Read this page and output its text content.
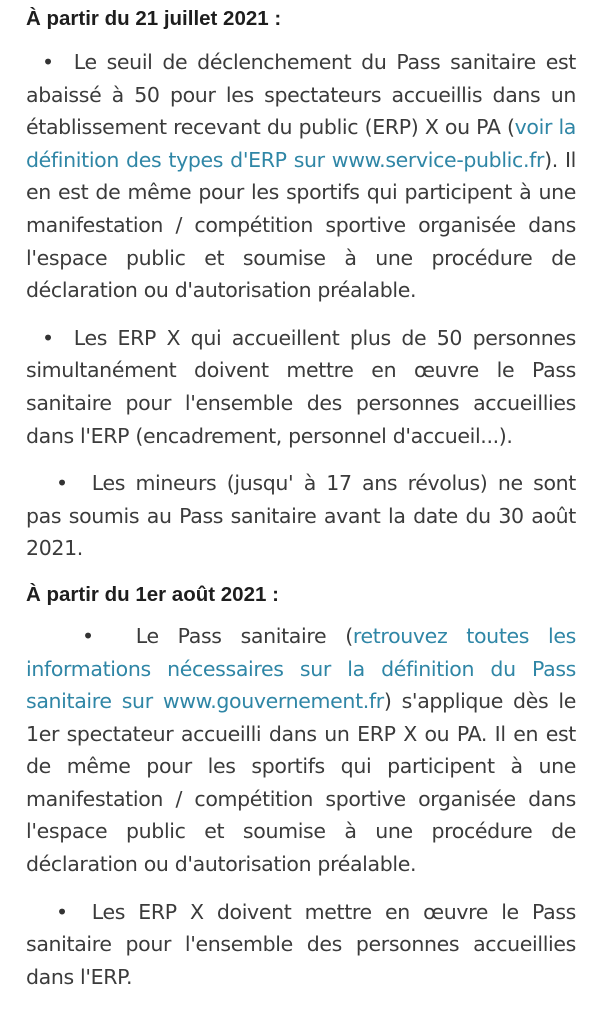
À partir du 21 juillet 2021 :

• Le seuil de déclenchement du Pass sanitaire est abaissé à 50 pour les spectateurs accueillis dans un établissement recevant du public (ERP) X ou PA (voir la définition des types d'ERP sur www.service-public.fr). Il en est de même pour les sportifs qui participent à une manifestation / compétition sportive organisée dans l'espace public et soumise à une procédure de déclaration ou d'autorisation préalable.

• Les ERP X qui accueillent plus de 50 personnes simultanément doivent mettre en œuvre le Pass sanitaire pour l'ensemble des personnes accueillies dans l'ERP (encadrement, personnel d'accueil...).

• Les mineurs (jusqu' à 17 ans révolus) ne sont pas soumis au Pass sanitaire avant la date du 30 août 2021.

À partir du 1er août 2021 :

• Le Pass sanitaire (retrouvez toutes les informations nécessaires sur la définition du Pass sanitaire sur www.gouvernement.fr) s'applique dès le 1er spectateur accueilli dans un ERP X ou PA. Il en est de même pour les sportifs qui participent à une manifestation / compétition sportive organisée dans l'espace public et soumise à une procédure de déclaration ou d'autorisation préalable.

• Les ERP X doivent mettre en œuvre le Pass sanitaire pour l'ensemble des personnes accueillies dans l'ERP.
